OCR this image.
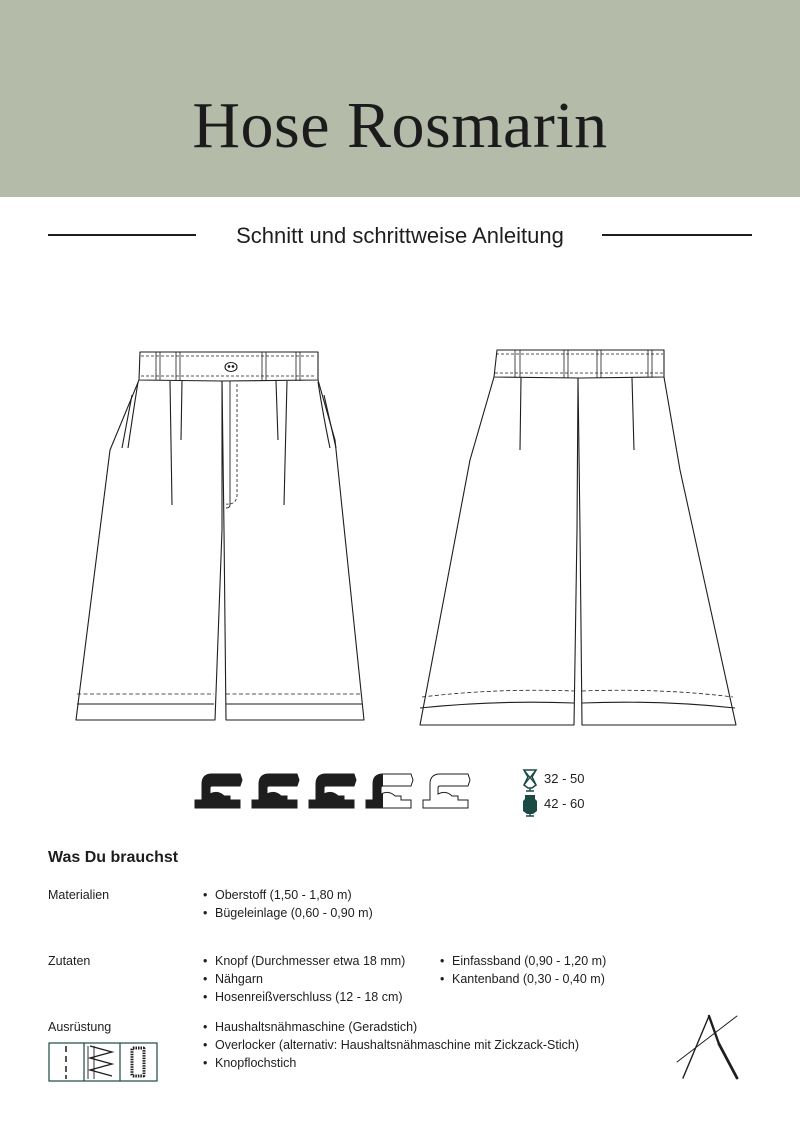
Hose Rosmarin
Schnitt und schrittweise Anleitung
32 - 50
42 - 60
Was Du brauchst
Materialien	• Oberstoff (1,50 - 1,80 m)
• Bügeleinlage (0,60 - 0,90 m)
Zutaten	• Knopf (Durchmesser etwa 18 mm)
• Nähgarn
• Hosenreißverschluss (12 - 18 cm)
• Einfassband (0,90 - 1,20 m)
• Kantenband (0,30 - 0,40 m)
Ausrüstung	• Haushaltsnähmaschine (Geradstich)
• Overlocker (alternativ: Haushaltsnähmaschine mit Zickzack-Stich)
• Knopflochstich
